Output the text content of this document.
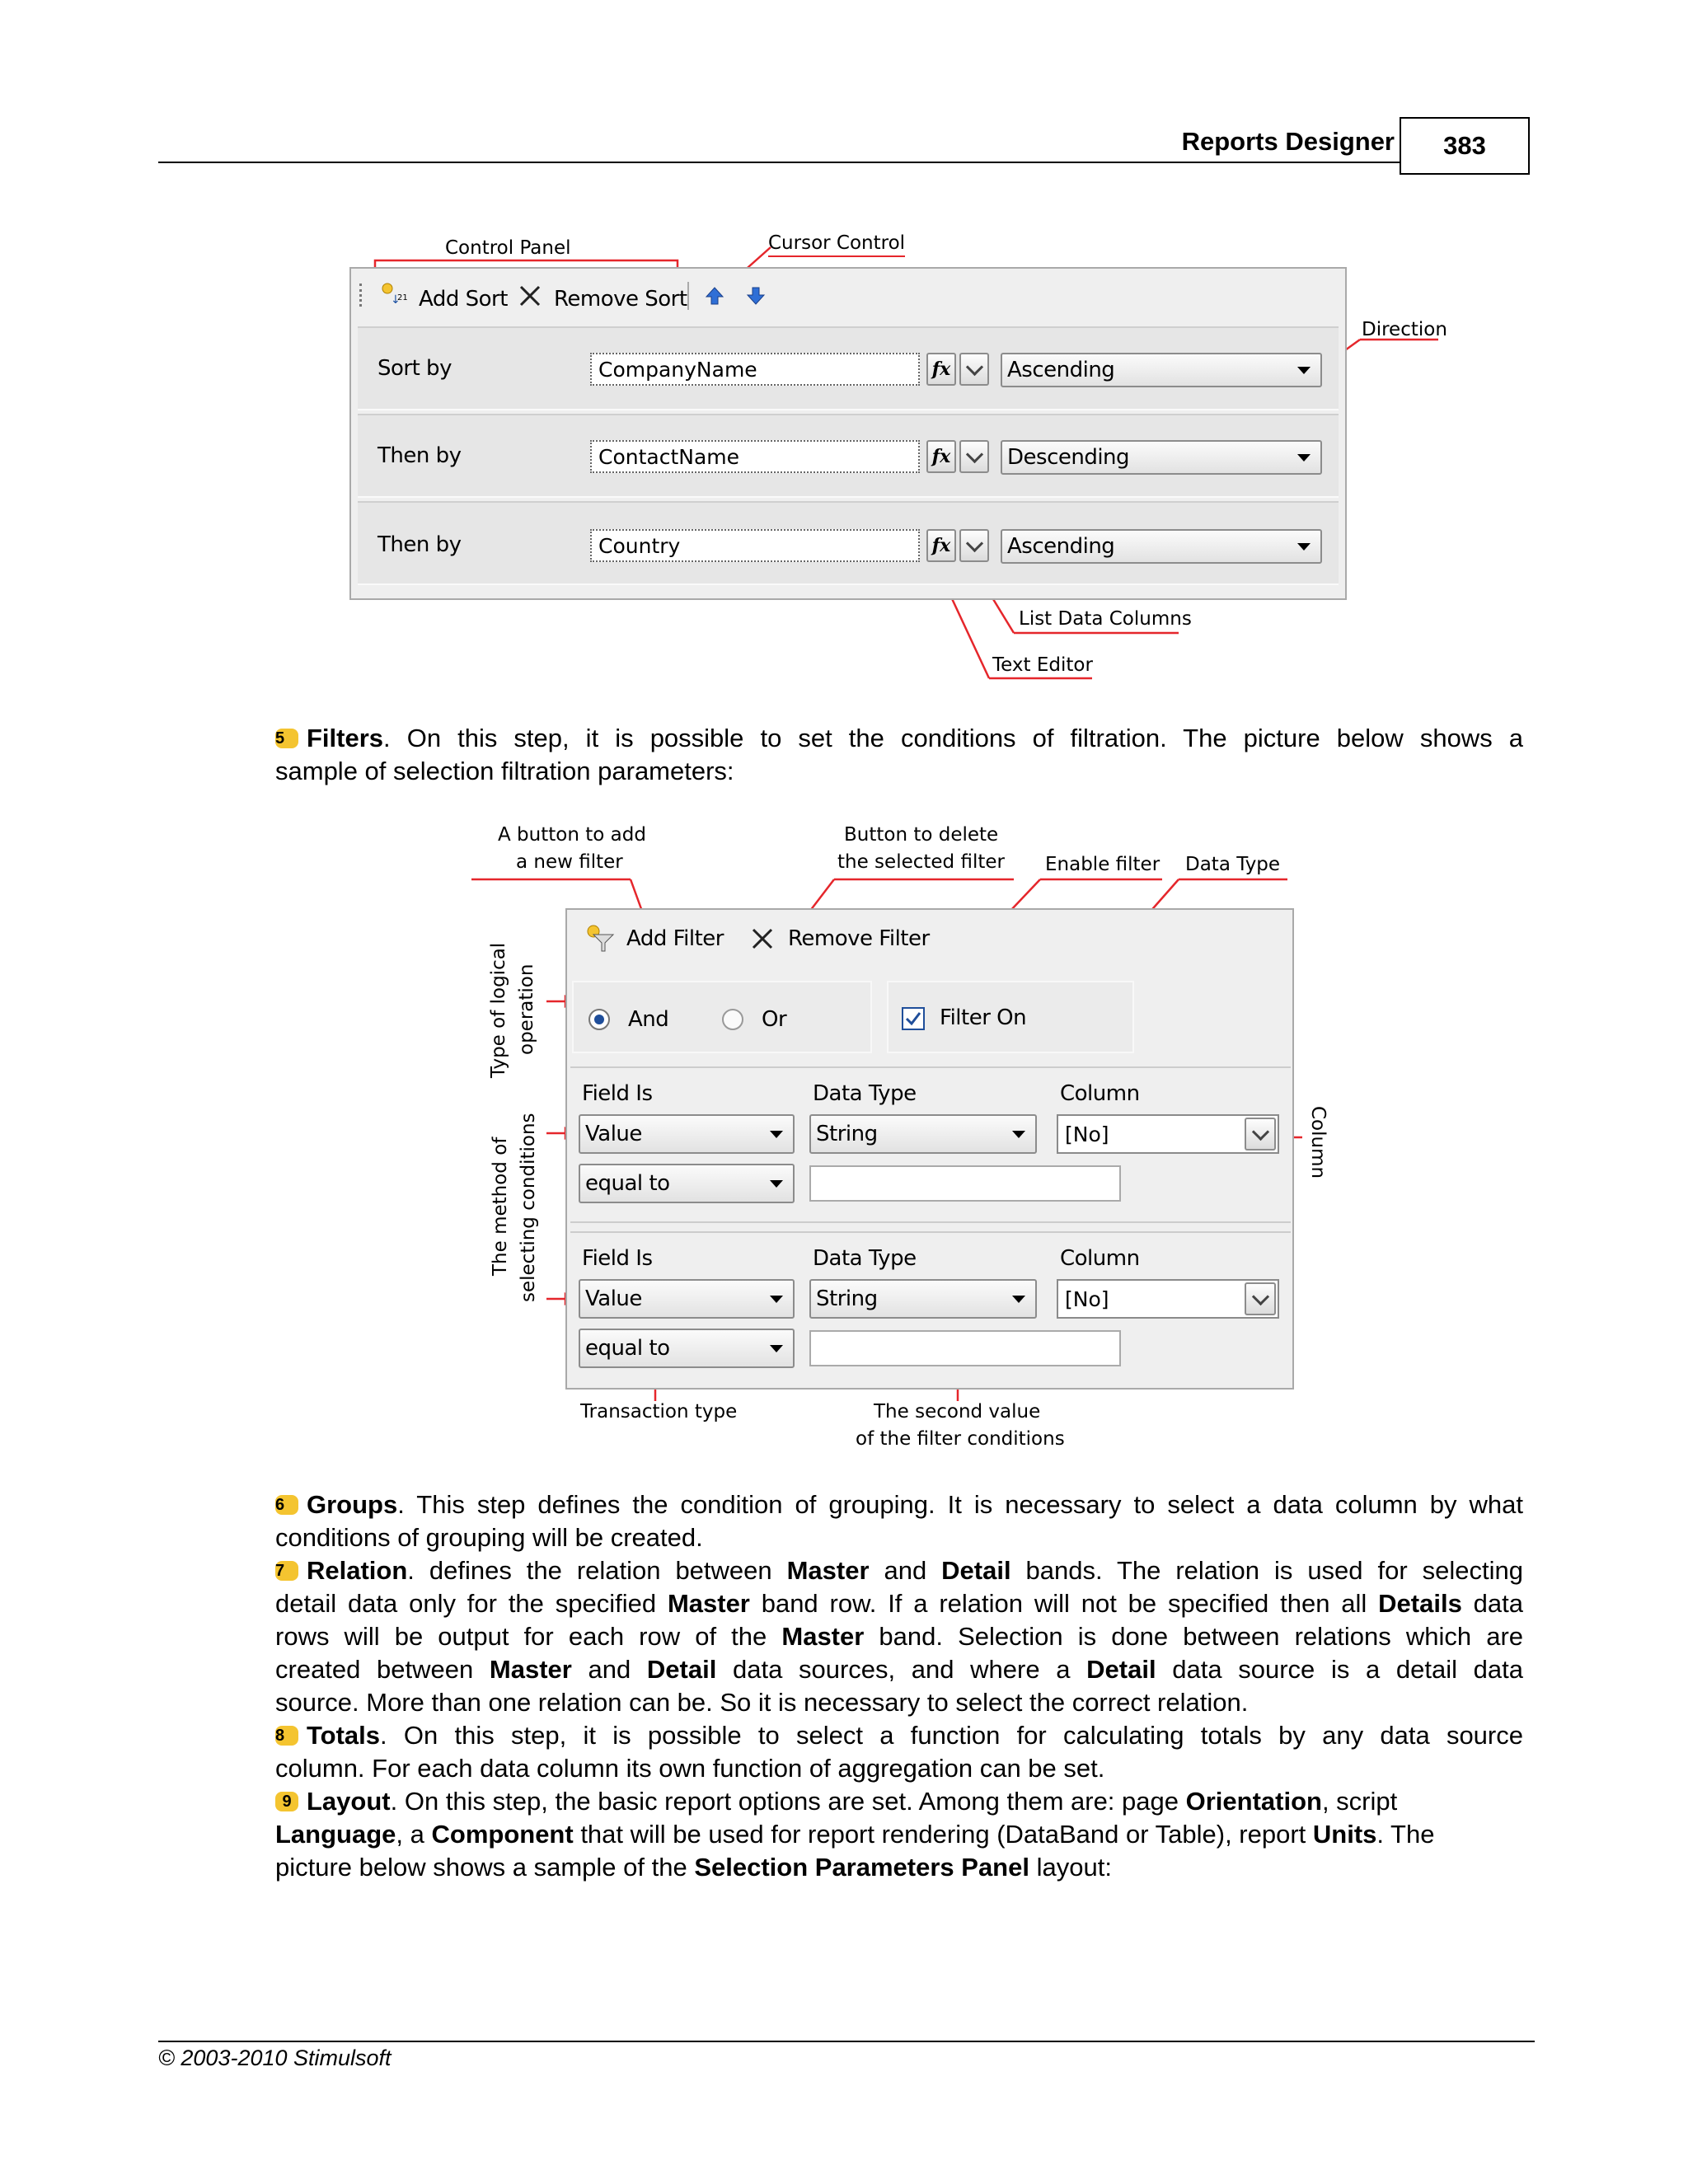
Reports Designer	383
Control Panel	Cursor Control
Direction
List Data Columns
Text Editor
↓
21 Add Sort Remove Sort
Sort by	CompanyName	fx	Ascending
Then by	ContactName	fx	Descending
Then by	Country	fx	Ascending
5 Filters. On this step, it is possible to set the conditions of filtration. The picture below shows a
sample of selection filtration parameters:
A button to add
a new filter
Button to delete
the selected filter Enable filter Data Type
Type of logical operation
The method of selecting conditions	Column
Transaction type	The second value
of the filter conditions
Add Filter	Remove Filter
And	Or	Filter On
Field Is	Data Type	Column
Value	String	[No]
equal to
Field Is	Data Type	Column
Value	String	[No]
equal to
6 Groups. This step defines the condition of grouping. It is necessary to select a data column by what
conditions of grouping will be created.
7 Relation. defines the relation between Master and Detail bands. The relation is used for selecting
detail data only for the specified Master band row. If a relation will not be specified then all Details data
rows will be output for each row of the Master band. Selection is done between relations which are
created between Master and Detail data sources, and where a Detail data source is a detail data
source. More than one relation can be. So it is necessary to select the correct relation.
8 Totals. On this step, it is possible to select a function for calculating totals by any data source
column. For each data column its own function of aggregation can be set.
9 Layout. On this step, the basic report options are set. Among them are: page Orientation, script
Language, a Component that will be used for report rendering (DataBand or Table), report Units. The
picture below shows a sample of the Selection Parameters Panel layout:
© 2003-2010 Stimulsoft
